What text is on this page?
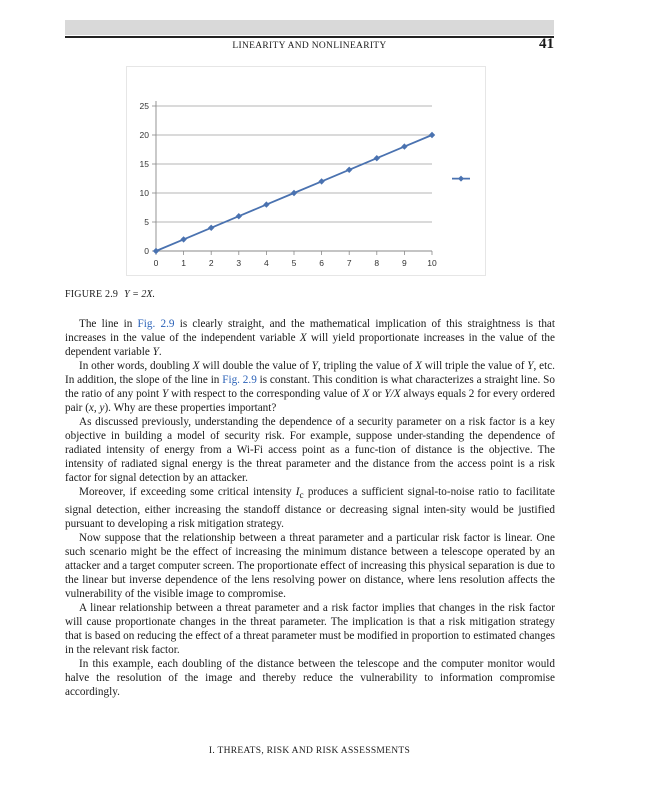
LINEARITY AND NONLINEARITY	41
0
5
10
15
20
25
0	1	2	3	4	5	6	7	8	9 10
FIGURE 2.9 Y = 2X.

The line in Fig. 2.9 is clearly straight, and the mathematical implication of this straightness is that increases in the value of the independent variable X will yield proportionate increases in the value of the dependent variable Y.

In other words, doubling X will double the value of Y, tripling the value of X will triple the value of Y, etc. In addition, the slope of the line in Fig. 2.9 is constant. This condition is what characterizes a straight line. So the ratio of any point Y with respect to the corresponding value of X or Y/X always equals 2 for every ordered pair (x, y). Why are these properties important?

As discussed previously, understanding the dependence of a security parameter on a risk factor is a key objective in building a model of security risk. For example, suppose under-standing the dependence of radiated intensity of energy from a Wi-Fi access point as a func-tion of distance is the objective. The intensity of radiated signal energy is the threat parameter and the distance from the access point is a risk factor for signal detection by an attacker.

Moreover, if exceeding some critical intensity $I_c$ produces a sufficient signal-to-noise ratio to facilitate signal detection, either increasing the standoff distance or decreasing signal inten-sity would be justified pursuant to developing a risk mitigation strategy.

Now suppose that the relationship between a threat parameter and a particular risk factor is linear. One such scenario might be the effect of increasing the minimum distance between a telescope operated by an attacker and a target computer screen. The proportionate effect of increasing this physical separation is due to the linear but inverse dependence of the lens resolving power on distance, where lens resolution affects the vulnerability of the visible image to compromise.

A linear relationship between a threat parameter and a risk factor implies that changes in the risk factor will cause proportionate changes in the threat parameter. The implication is that a risk mitigation strategy that is based on reducing the effect of a threat parameter must be modified in proportion to estimated changes in the relevant risk factor.

In this example, each doubling of the distance between the telescope and the computer monitor would halve the resolution of the image and thereby reduce the vulnerability to information compromise accordingly.

I. THREATS, RISK AND RISK ASSESSMENTS
